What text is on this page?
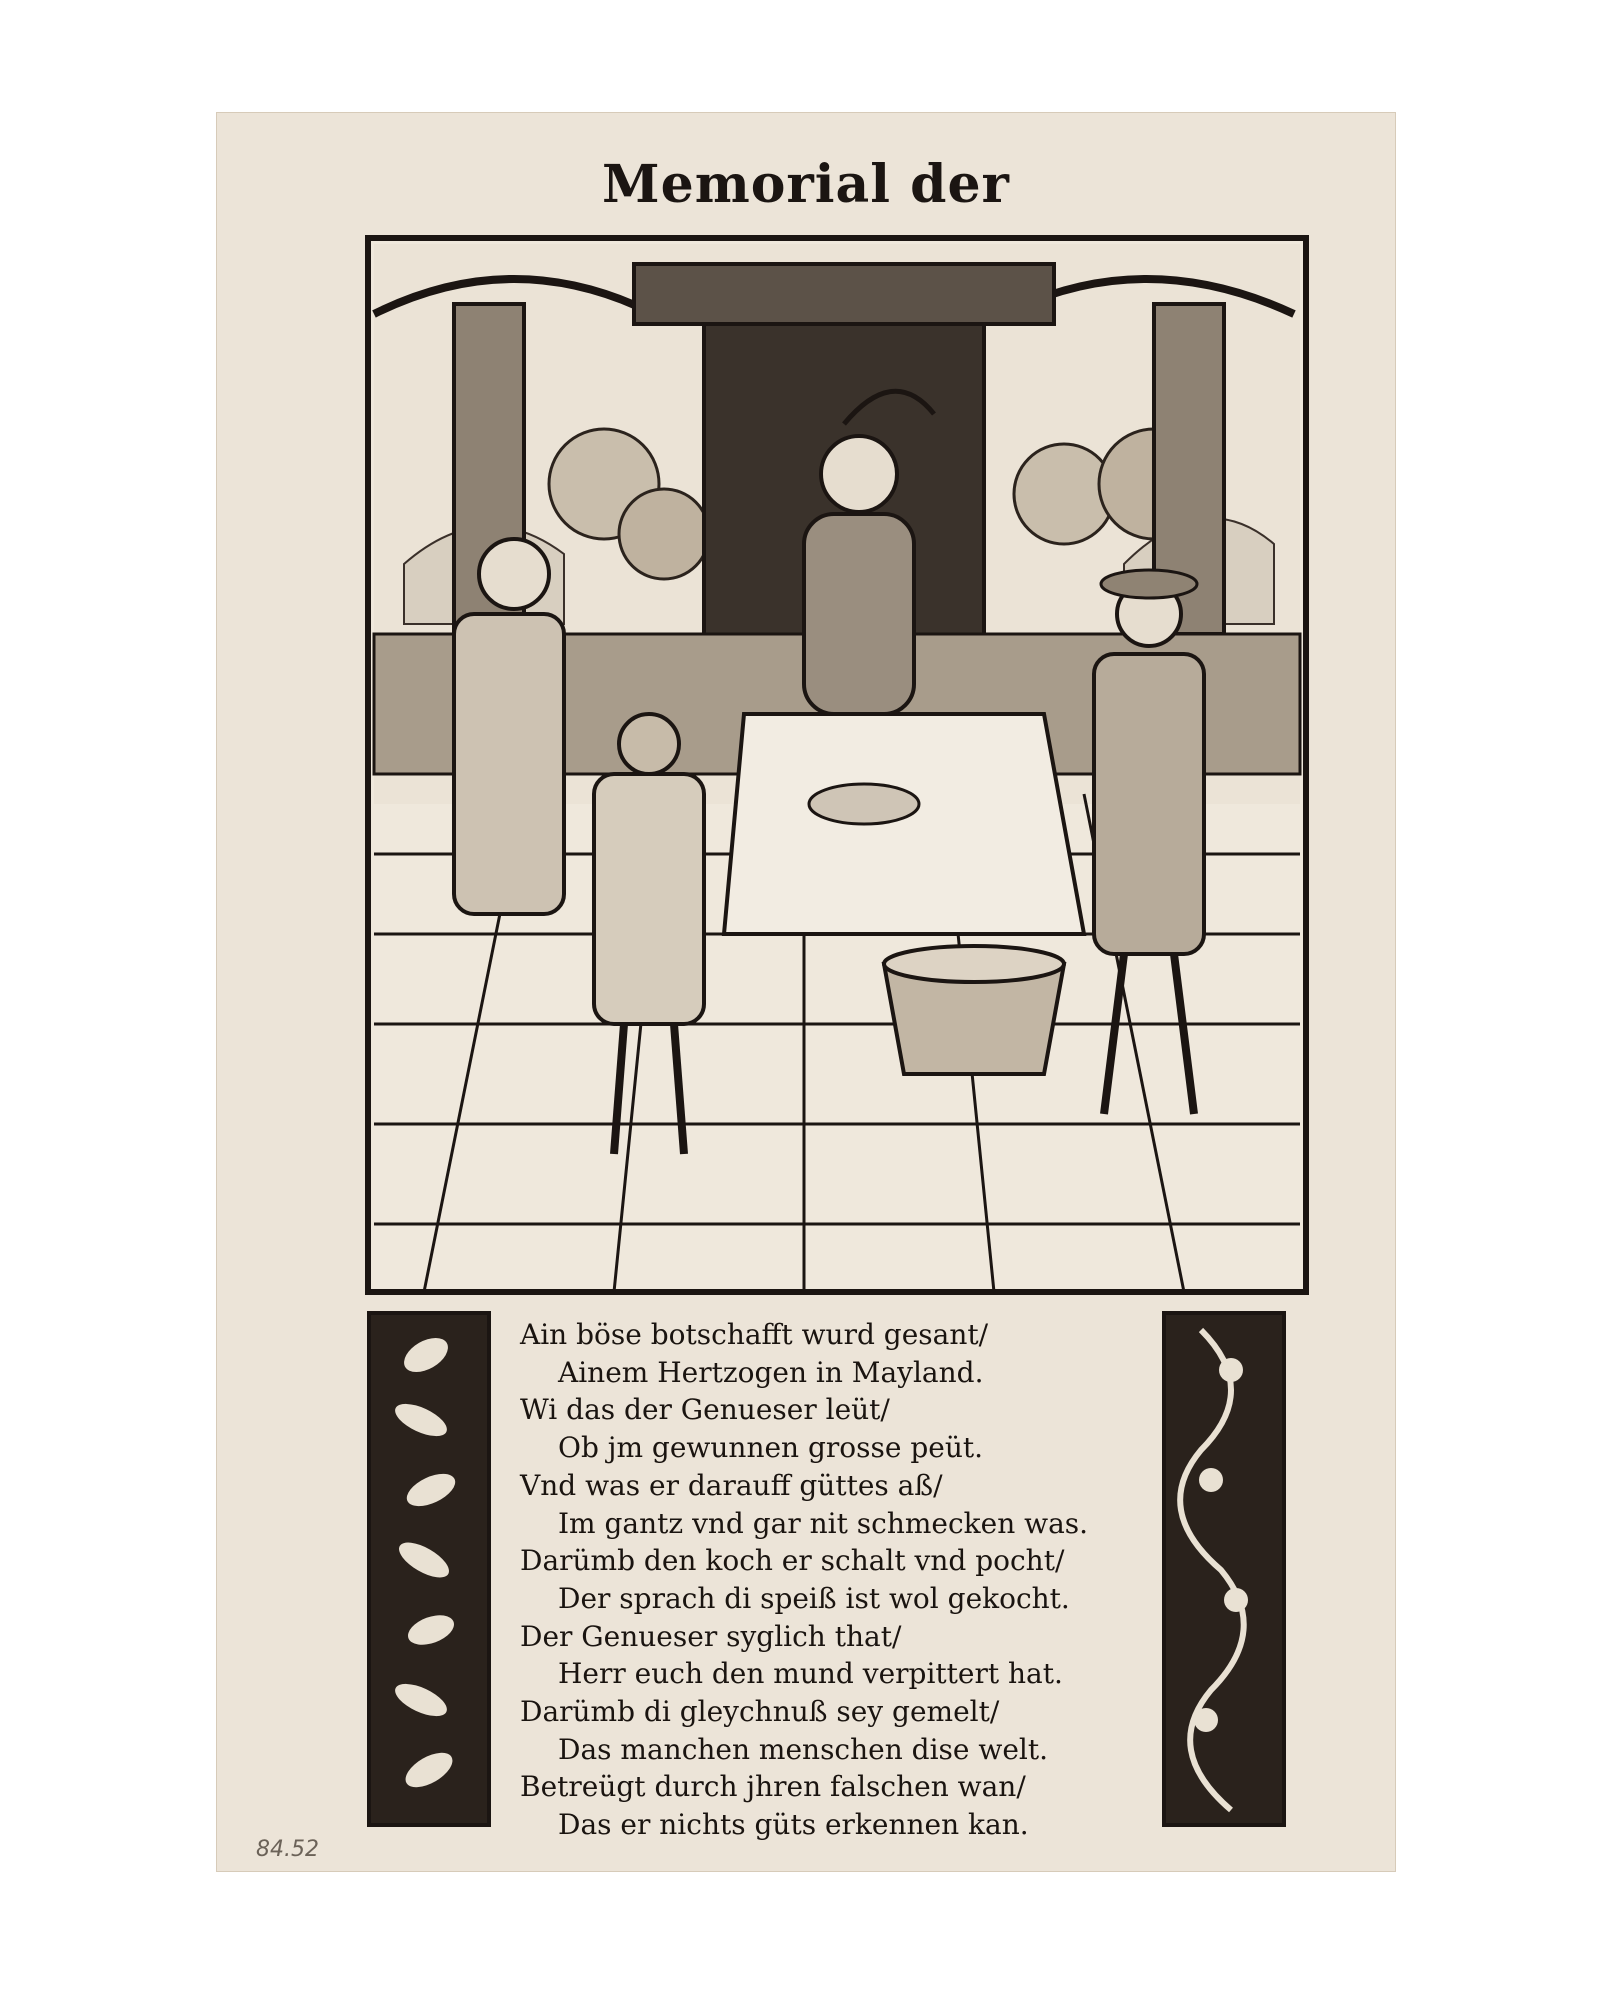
Memorial der
Ain böse botschafft wurd gesant/
Ainem Hertzogen in Mayland.
Wi das der Genueser leüt/
Ob jm gewunnen grosse peüt.
Vnd was er darauff güttes aß/
Im gantz vnd gar nit schmecken was.
Darümb den koch er schalt vnd pocht/
Der sprach di speiß ist wol gekocht.
Der Genueser syglich that/
Herr euch den mund verpittert hat.
Darümb di gleychnuß sey gemelt/
Das manchen menschen dise welt.
Betreügt durch jhren falschen wan/
Das er nichts güts erkennen kan.
84.52
